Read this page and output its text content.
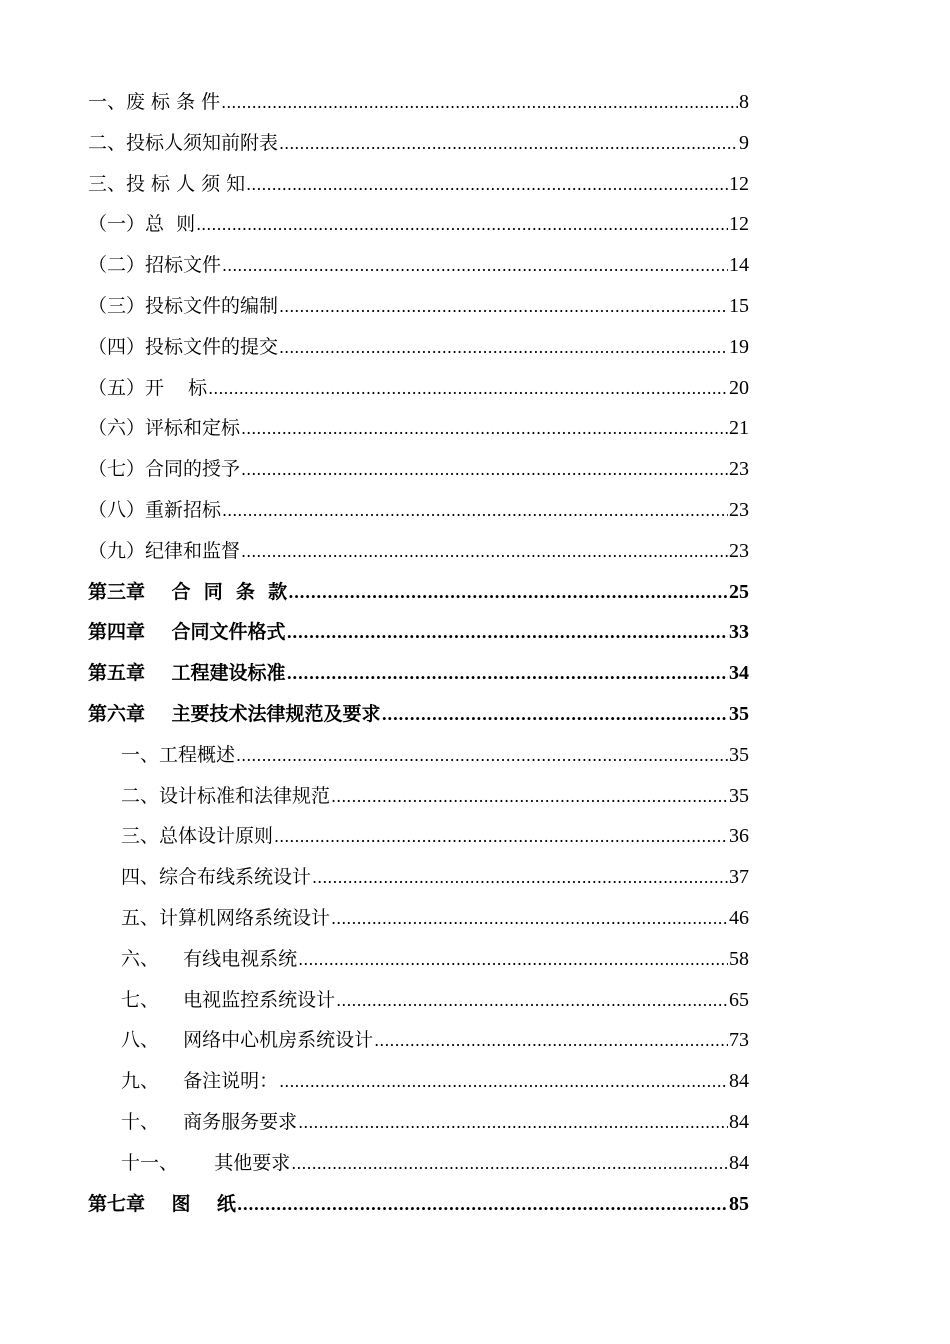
一、废 标 条 件 .....	8
二、投标人须知前附表 .....	9
三、投 标 人 须 知 .....	12
（一）总  则 .....	12
（二）招标文件 .....	14
（三）投标文件的编制 .....	15
（四）投标文件的提交 .....	19
（五）开    标 .....	20
（六）评标和定标 .....	21
（七）合同的授予 .....	23
（八）重新招标 .....	23
（九）纪律和监督 .....	23
第三章    合  同  条  款 .....	25
第四章    合同文件格式 .....	33
第五章    工程建设标准 .....	34
第六章    主要技术法律规范及要求 .....	35
一、工程概述 .....	35
二、设计标准和法律规范 .....	35
三、总体设计原则 .....	36
四、综合布线系统设计 .....	37
五、计算机网络系统设计 .....	46
六、    有线电视系统 .....	58
七、    电视监控系统设计 .....	65
八、    网络中心机房系统设计 .....	73
九、    备注说明： .....	84
十、    商务服务要求 .....	84
十一、      其他要求 .....	84
第七章    图    纸 .....	85
